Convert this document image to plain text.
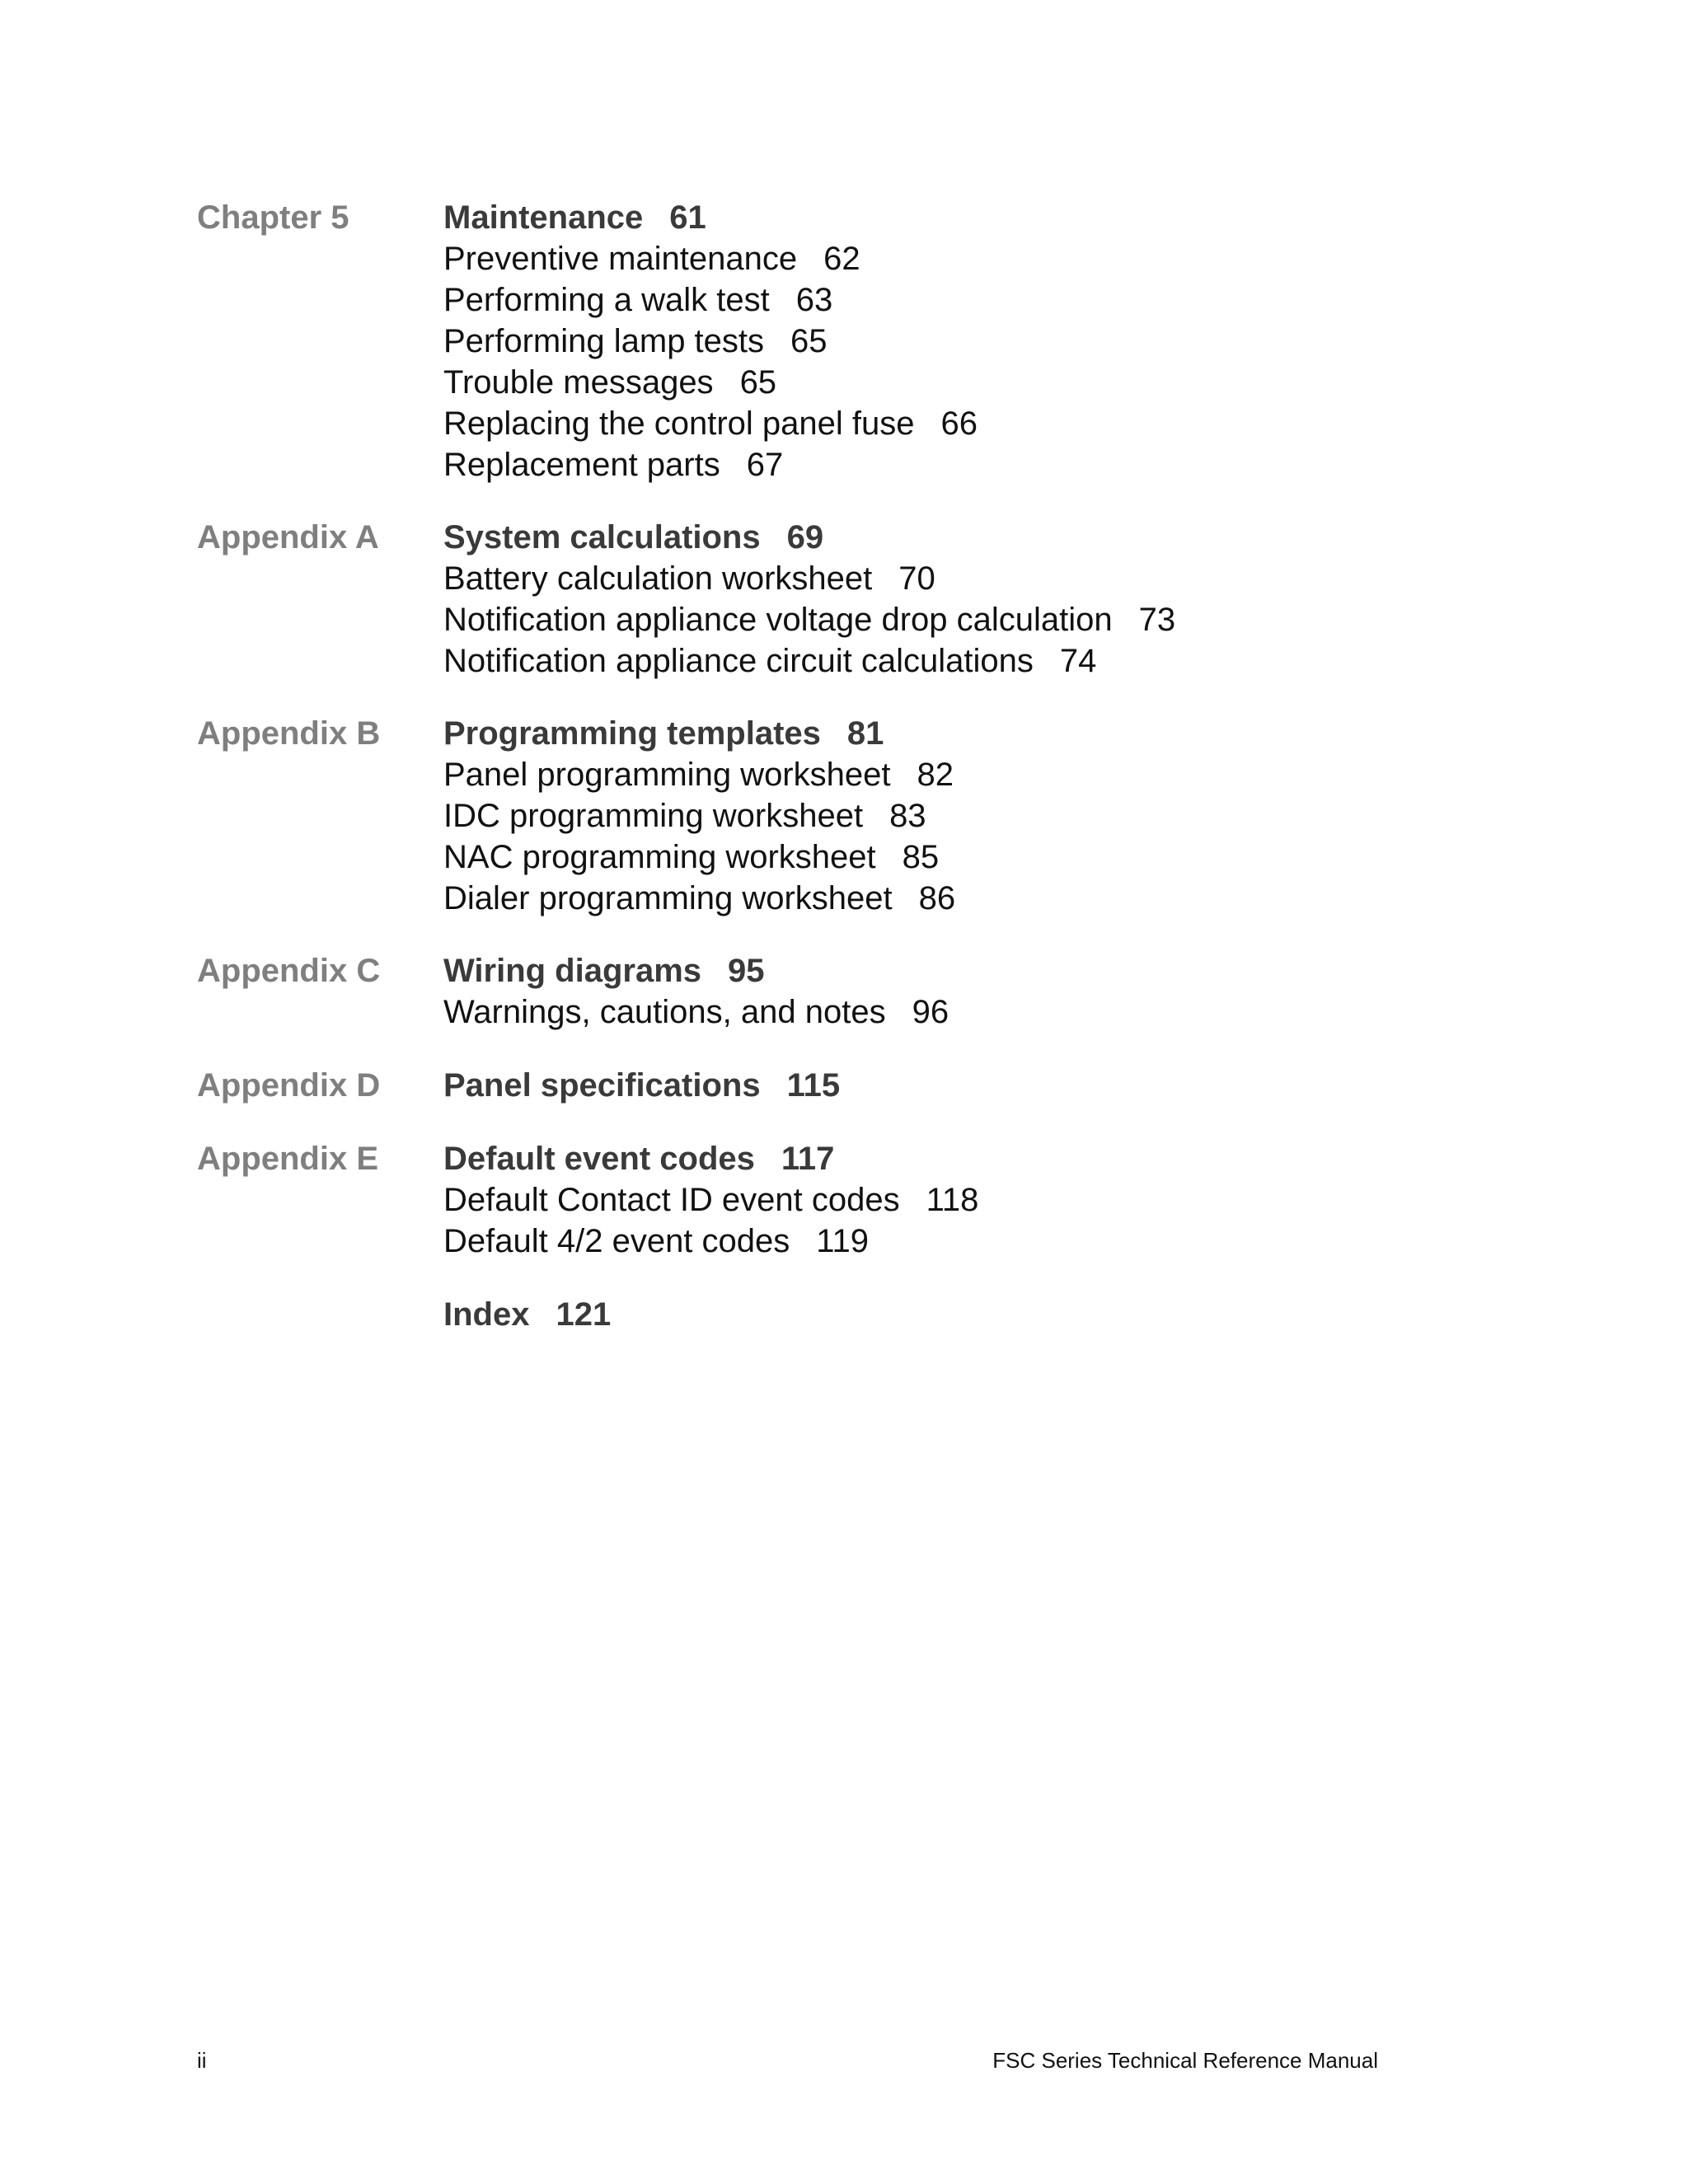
Chapter 5	Maintenance 61
Preventive maintenance 62
Performing a walk test 63
Performing lamp tests 65
Trouble messages 65
Replacing the control panel fuse 66
Replacement parts 67
Appendix A System calculations 69
Battery calculation worksheet 70
Notification appliance voltage drop calculation 73
Notification appliance circuit calculations 74
Appendix B Programming templates 81
Panel programming worksheet 82
IDC programming worksheet 83
NAC programming worksheet 85
Dialer programming worksheet 86
Appendix C Wiring diagrams 95
Warnings, cautions, and notes 96
Appendix D Panel specifications 115
Appendix E Default event codes 117
Default Contact ID event codes 118
Default 4/2 event codes 119
Index 121
ii	FSC Series Technical Reference Manual
